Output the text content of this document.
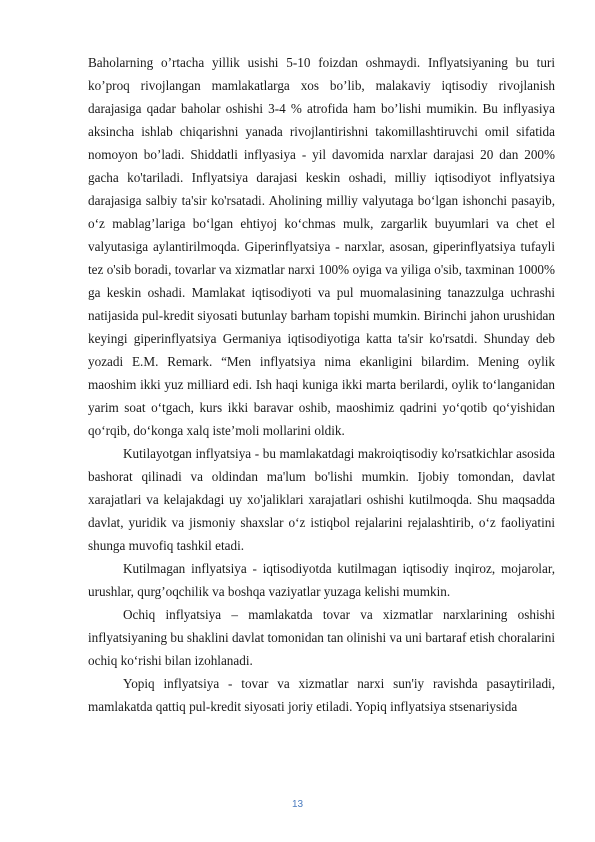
Baholarning o’rtacha yillik usishi 5-10 foizdan oshmaydi. Inflyatsiyaning bu turi ko’proq rivojlangan mamlakatlarga xos bo’lib, malakaviy iqtisodiy rivojlanish darajasiga qadar baholar oshishi 3-4 % atrofida ham bo’lishi mumikin. Bu inflyasiya aksincha ishlab chiqarishni yanada rivojlantirishni takomillashtiruvchi omil sifatida nomoyon bo’ladi. Shiddatli inflyasiya - yil davomida narxlar darajasi 20 dan 200% gacha ko'tariladi. Inflyatsiya darajasi keskin oshadi, milliy iqtisodiyot inflyatsiya darajasiga salbiy ta'sir ko'rsatadi. Aholining milliy valyutaga bo‘lgan ishonchi pasayib, o‘z mablag’lariga bo‘lgan ehtiyoj ko‘chmas mulk, zargarlik buyumlari va chet el valyutasiga aylantirilmoqda. Giperinflyatsiya - narxlar, asosan, giperinflyatsiya tufayli tez o'sib boradi, tovarlar va xizmatlar narxi 100% oyiga va yiliga o'sib, taxminan 1000% ga keskin oshadi. Mamlakat iqtisodiyoti va pul muomalasining tanazzulga uchrashi natijasida pul-kredit siyosati butunlay barham topishi mumkin. Birinchi jahon urushidan keyingi giperinflyatsiya Germaniya iqtisodiyotiga katta ta'sir ko'rsatdi. Shunday deb yozadi E.M. Remark. “Men inflyatsiya nima ekanligini bilardim. Mening oylik maoshim ikki yuz milliard edi. Ish haqi kuniga ikki marta berilardi, oylik to‘langanidan yarim soat o‘tgach, kurs ikki baravar oshib, maoshimiz qadrini yo‘qotib qo‘yishidan qo‘rqib, do‘konga xalq iste’moli mollarini oldik.

Kutilayotgan inflyatsiya - bu mamlakatdagi makroiqtisodiy ko'rsatkichlar asosida bashorat qilinadi va oldindan ma'lum bo'lishi mumkin. Ijobiy tomondan, davlat xarajatlari va kelajakdagi uy xo'jaliklari xarajatlari oshishi kutilmoqda. Shu maqsadda davlat, yuridik va jismoniy shaxslar o‘z istiqbol rejalarini rejalashtirib, o‘z faoliyatini shunga muvofiq tashkil etadi.

Kutilmagan inflyatsiya - iqtisodiyotda kutilmagan iqtisodiy inqiroz, mojarolar, urushlar, qurg’oqchilik va boshqa vaziyatlar yuzaga kelishi mumkin.

Ochiq inflyatsiya – mamlakatda tovar va xizmatlar narxlarining oshishi inflyatsiyaning bu shaklini davlat tomonidan tan olinishi va uni bartaraf etish choralarini ochiq ko‘rishi bilan izohlanadi.

Yopiq inflyatsiya - tovar va xizmatlar narxi sun'iy ravishda pasaytiriladi, mamlakatda qattiq pul-kredit siyosati joriy etiladi. Yopiq inflyatsiya stsenariysida

13
